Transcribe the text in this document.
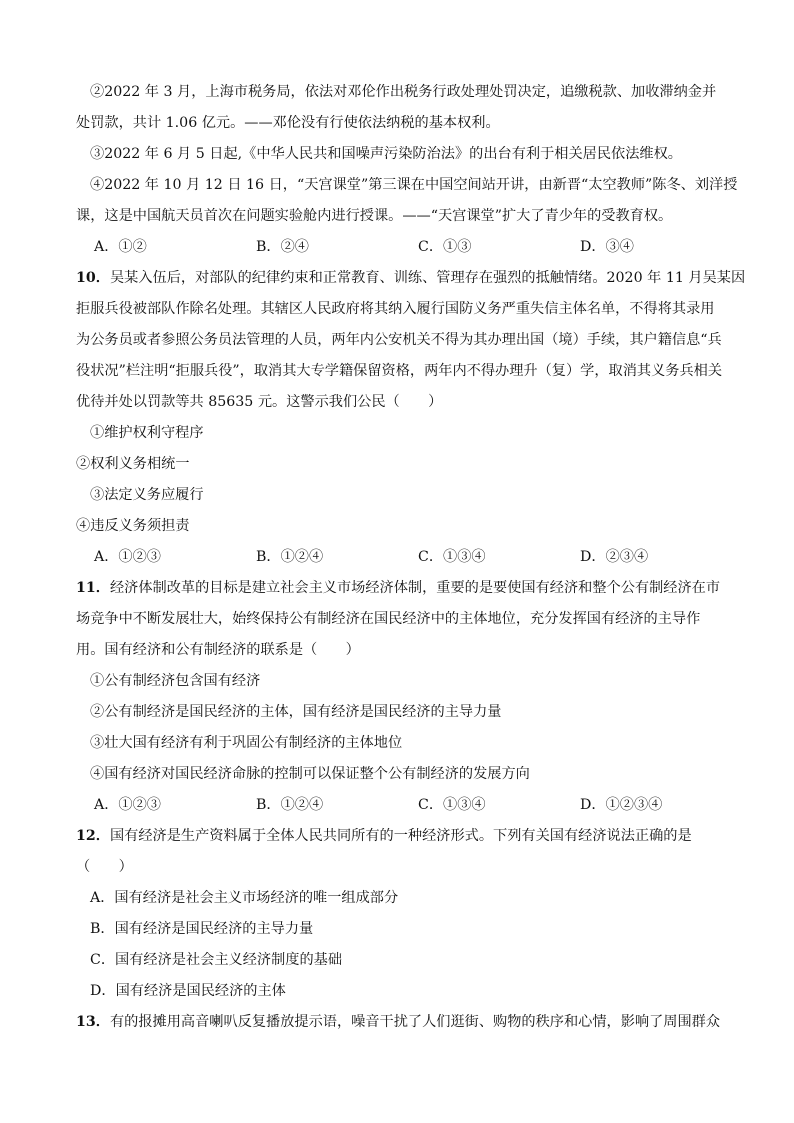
②2022 年 3 月，上海市税务局，依法对邓伦作出税务行政处理处罚决定，追缴税款、加收滞纳金并
处罚款，共计 1.06 亿元。——邓伦没有行使依法纳税的基本权利。
③2022 年 6 月 5 日起,《中华人民共和国噪声污染防治法》的出台有利于相关居民依法维权。
④2022 年 10 月 12 日 16 日，“天宫课堂”第三课在中国空间站开讲，由新晋“太空教师”陈冬、刘洋授
课，这是中国航天员首次在问题实验舱内进行授课。——“天宫课堂”扩大了青少年的受教育权。
A．①②	B．②④	C．①③	D．③④
10．吴某入伍后，对部队的纪律约束和正常教育、训练、管理存在强烈的抵触情绪。2020 年 11 月吴某因
拒服兵役被部队作除名处理。其辖区人民政府将其纳入履行国防义务严重失信主体名单，不得将其录用
为公务员或者参照公务员法管理的人员，两年内公安机关不得为其办理出国（境）手续，其户籍信息“兵
役状况”栏注明“拒服兵役”，取消其大专学籍保留资格，两年内不得办理升（复）学，取消其义务兵相关
优待并处以罚款等共 85635 元。这警示我们公民（　　）
①维护权利守程序
②权利义务相统一
③法定义务应履行
④违反义务须担责
A．①②③	B．①②④	C．①③④	D．②③④
11．经济体制改革的目标是建立社会主义市场经济体制，重要的是要使国有经济和整个公有制经济在市
场竞争中不断发展壮大，始终保持公有制经济在国民经济中的主体地位，充分发挥国有经济的主导作
用。国有经济和公有制经济的联系是（　　）
①公有制经济包含国有经济
②公有制经济是国民经济的主体，国有经济是国民经济的主导力量
③壮大国有经济有利于巩固公有制经济的主体地位
④国有经济对国民经济命脉的控制可以保证整个公有制经济的发展方向
A．①②③	B．①②④	C．①③④	D．①②③④
12．国有经济是生产资料属于全体人民共同所有的一种经济形式。下列有关国有经济说法正确的是
（　　）
A．国有经济是社会主义市场经济的唯一组成部分
B．国有经济是国民经济的主导力量
C．国有经济是社会主义经济制度的基础
D．国有经济是国民经济的主体
13．有的报摊用高音喇叭反复播放提示语，噪音干扰了人们逛街、购物的秩序和心情，影响了周围群众
